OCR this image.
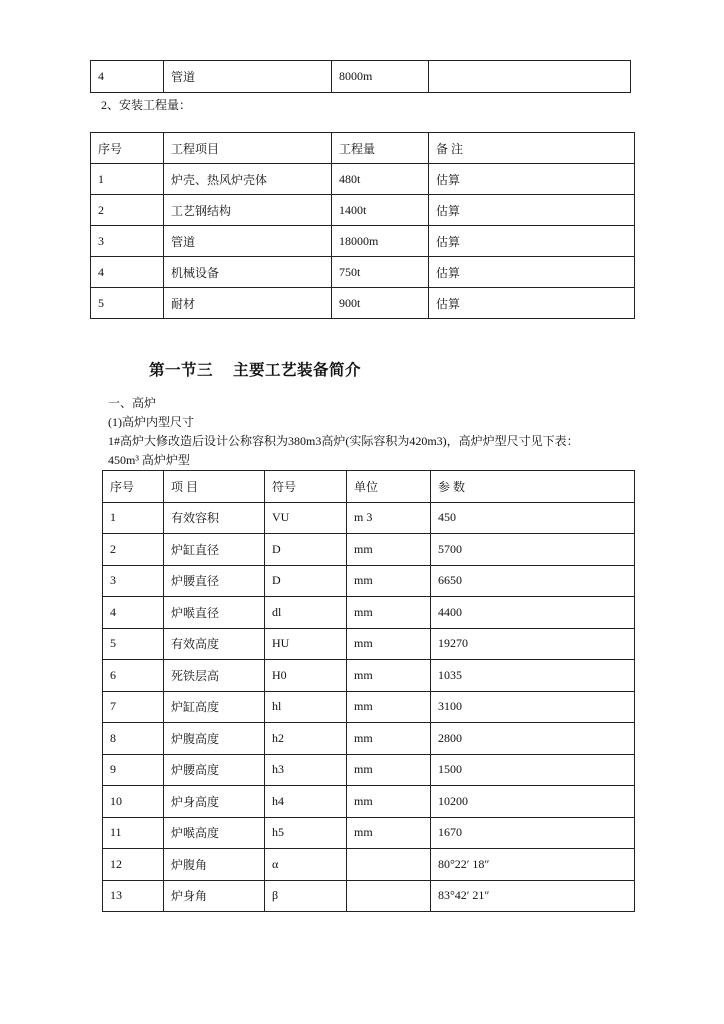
4	管道	8000m	
2、安装工程量：
序号	工程项目	工程量	备 注
1	炉壳、热风炉壳体	480t	估算
2	工艺钢结构	1400t	估算
3	管道	18000m	估算
4	机械设备	750t	估算
5	耐材	900t	估算
第一节三 主要工艺装备简介
一、高炉
(1)高炉内型尺寸
1#高炉大修改造后设计公称容积为380m3高炉(实际容积为420m3)，高炉炉型尺寸见下表：
450m³ 高炉炉型
序号	项 目	符号	单位	参 数
1	有效容积	VU	m 3	450
2	炉缸直径	D	mm	5700
3	炉腰直径	D	mm	6650
4	炉喉直径	dl	mm	4400
5	有效高度	HU	mm	19270
6	死铁层高	H0	mm	1035
7	炉缸高度	hl	mm	3100
8	炉腹高度	h2	mm	2800
9	炉腰高度	h3	mm	1500
10	炉身高度	h4	mm	10200
11	炉喉高度	h5	mm	1670
12	炉腹角	α		80°22′ 18″
13	炉身角	β		83°42′ 21″
